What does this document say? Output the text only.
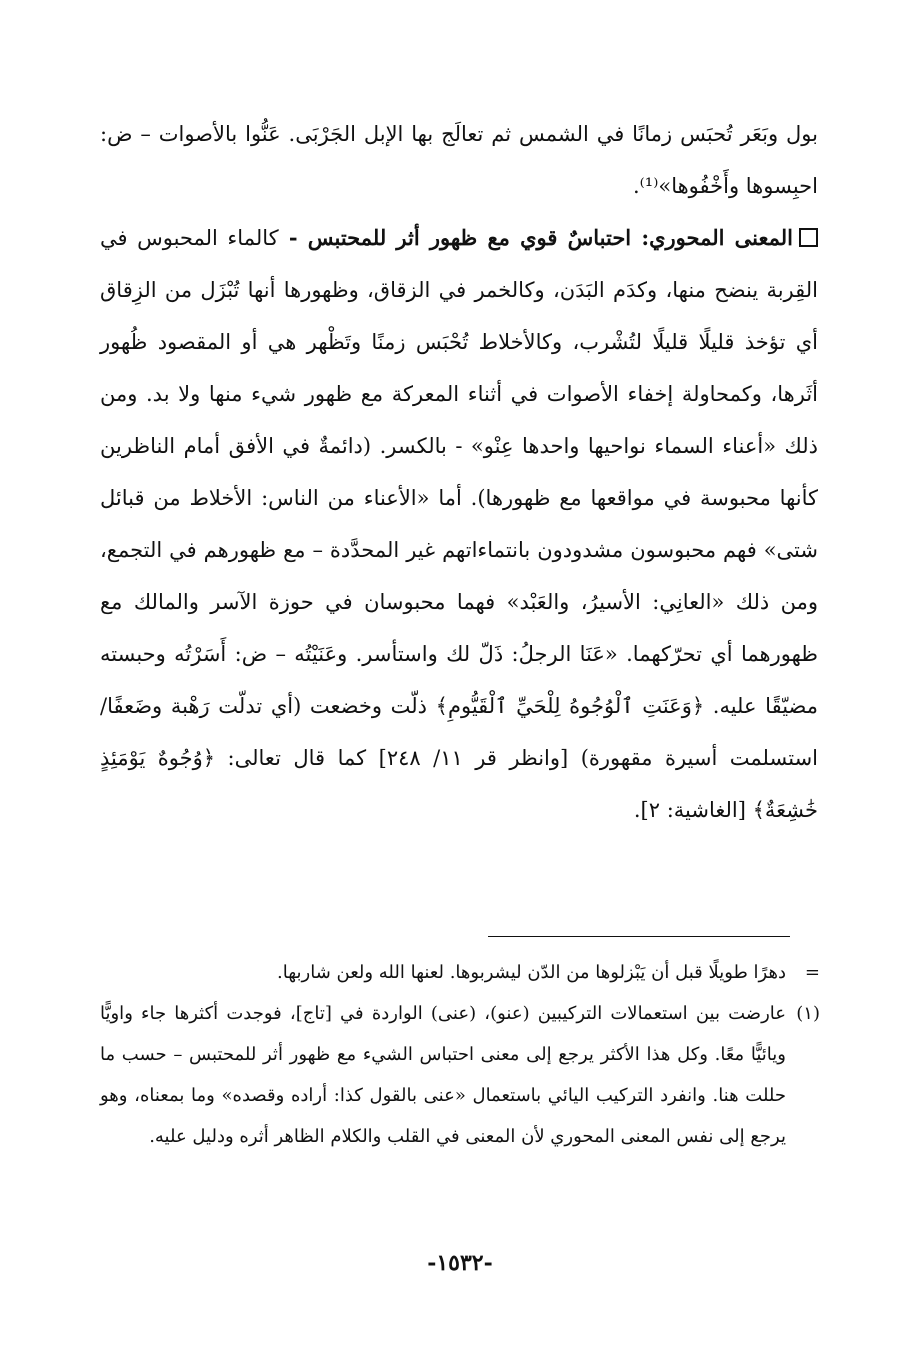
بول وبَعَر تُحبَس زمانًا في الشمس ثم تعالَج بها الإبل الجَرْبَى. عَنُّوا بالأصوات – ض: احبِسوها وأَخْفُوها»⁽¹⁾.

المعنى المحوري: احتباسٌ قوي مع ظهور أثر للمحتبس - كالماء المحبوس في القِربة ينضح منها، وكدَم البَدَن، وكالخمر في الزقاق، وظهورها أنها تُبْزَل من الزِقاق أي تؤخذ قليلًا قليلًا لتُشْرب، وكالأخلاط تُحْبَس زمنًا وتَظْهر هي أو المقصود ظُهور أثَرها، وكمحاولة إخفاء الأصوات في أثناء المعركة مع ظهور شيء منها ولا بد. ومن ذلك «أعناء السماء نواحيها واحدها عِنْو» - بالكسر. (دائمةٌ في الأفق أمام الناظرين كأنها محبوسة في مواقعها مع ظهورها). أما «الأعناء من الناس: الأخلاط من قبائل شتى» فهم محبوسون مشدودون بانتماءاتهم غير المحدَّدة – مع ظهورهم في التجمع، ومن ذلك «العانِي: الأسيرُ، والعَبْد» فهما محبوسان في حوزة الآسر والمالك مع ظهورهما أي تحرّكهما. «عَنَا الرجلُ: ذَلّ لك واستأسر. وعَنَيْتُه – ض: أَسَرْتُه وحبسته مضيّقًا عليه. ﴿وَعَنَتِ ٱلْوُجُوهُ لِلْحَيِّ ٱلْقَيُّومِ﴾ ذلّت وخضعت (أي تدلّت رَهْبة وضَعفًا/ استسلمت أسيرة مقهورة) [وانظر قر ١١/ ٢٤٨] كما قال تعالى: ﴿وُجُوهٌ يَوْمَئِذٍ خَٰشِعَةٌ﴾ [الغاشية: ٢].

=
دهرًا طويلًا قبل أن يَبْزلوها من الدّن ليشربوها. لعنها الله ولعن شاربها.
(١)
عارضت بين استعمالات التركيبين (عنو)، (عنى) الواردة في [تاج]، فوجدت أكثرها جاء واويًّا ويائيًّا معًا. وكل هذا الأكثر يرجع إلى معنى احتباس الشيء مع ظهور أثر للمحتبس – حسب ما حللت هنا. وانفرد التركيب اليائي باستعمال «عنى بالقول كذا: أراده وقصده» وما بمعناه، وهو يرجع إلى نفس المعنى المحوري لأن المعنى في القلب والكلام الظاهر أثره ودليل عليه.
-١٥٣٢-
